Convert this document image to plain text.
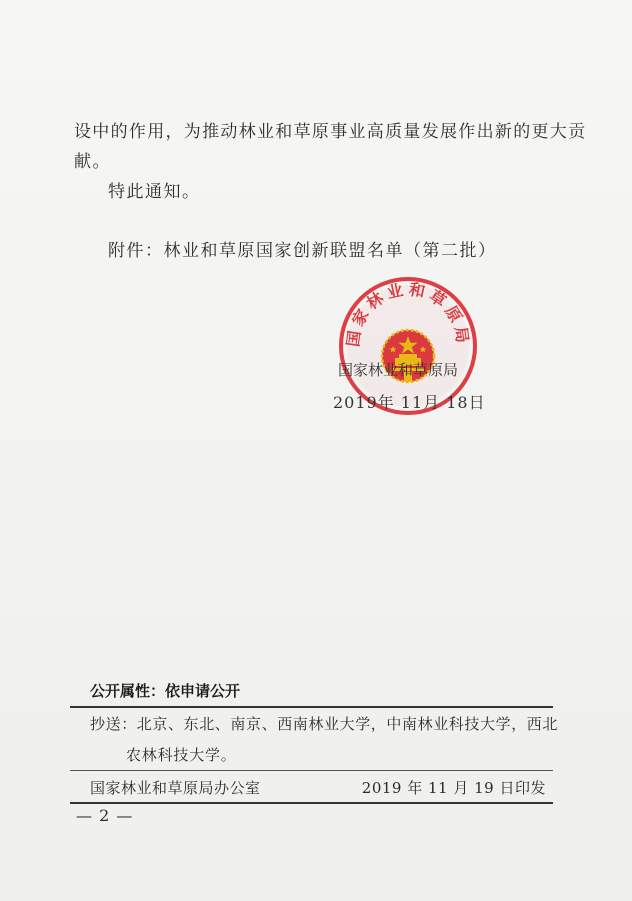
设中的作用，为推动林业和草原事业高质量发展作出新的更大贡
献。
特此通知。
附件：林业和草原国家创新联盟名单（第二批）
国家林业和草原局
国家林业和草原局
2019年 11月 18日
公开属性：依申请公开
抄送：北京、东北、南京、西南林业大学，中南林业科技大学，西北
农林科技大学。
国家林业和草原局办公室	2019 年 11 月 19 日印发
— 2 —
